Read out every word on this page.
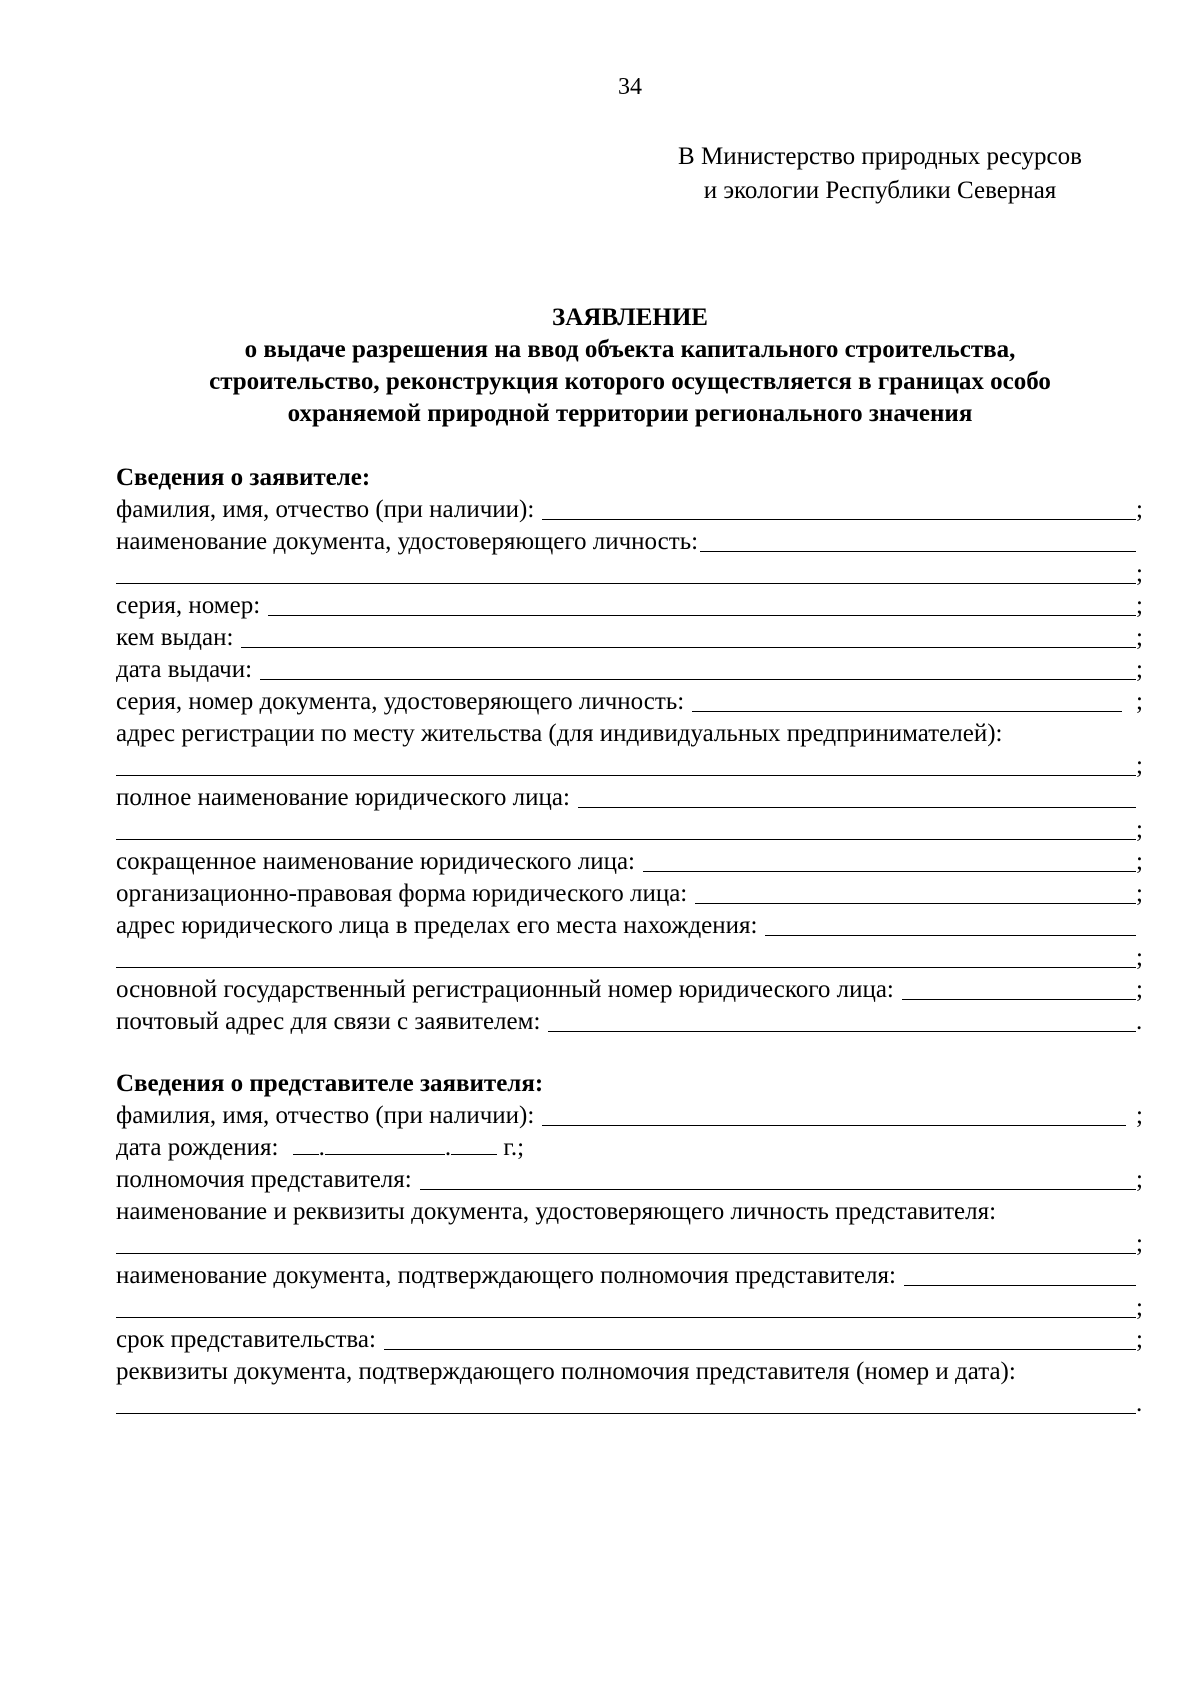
34
В Министерство природных ресурсов
и экологии Республики Северная
ЗАЯВЛЕНИЕ
о выдаче разрешения на ввод объекта капитального строительства,
строительство, реконструкция которого осуществляется в границах особо
охраняемой природной территории регионального значения
Сведения о заявителе:
фамилия, имя, отчество (при наличии):	;
наименование документа, удостоверяющего личность:
;
серия, номер:	;
кем выдан:	;
дата выдачи:	;
серия, номер документа, удостоверяющего личность:	;
адрес регистрации по месту жительства (для индивидуальных предпринимателей):
;
полное наименование юридического лица:
;
сокращенное наименование юридического лица:	;
организационно-правовая форма юридического лица:	;
адрес юридического лица в пределах его места нахождения:
;
основной государственный регистрационный номер юридического лица:	;
почтовый адрес для связи с заявителем:	.
Сведения о представителе заявителя:
фамилия, имя, отчество (при наличии):	;
дата рождения: .	. г.;
полномочия представителя:	;
наименование и реквизиты документа, удостоверяющего личность представителя:
;
наименование документа, подтверждающего полномочия представителя:
;
срок представительства:	;
реквизиты документа, подтверждающего полномочия представителя (номер и дата):
.
